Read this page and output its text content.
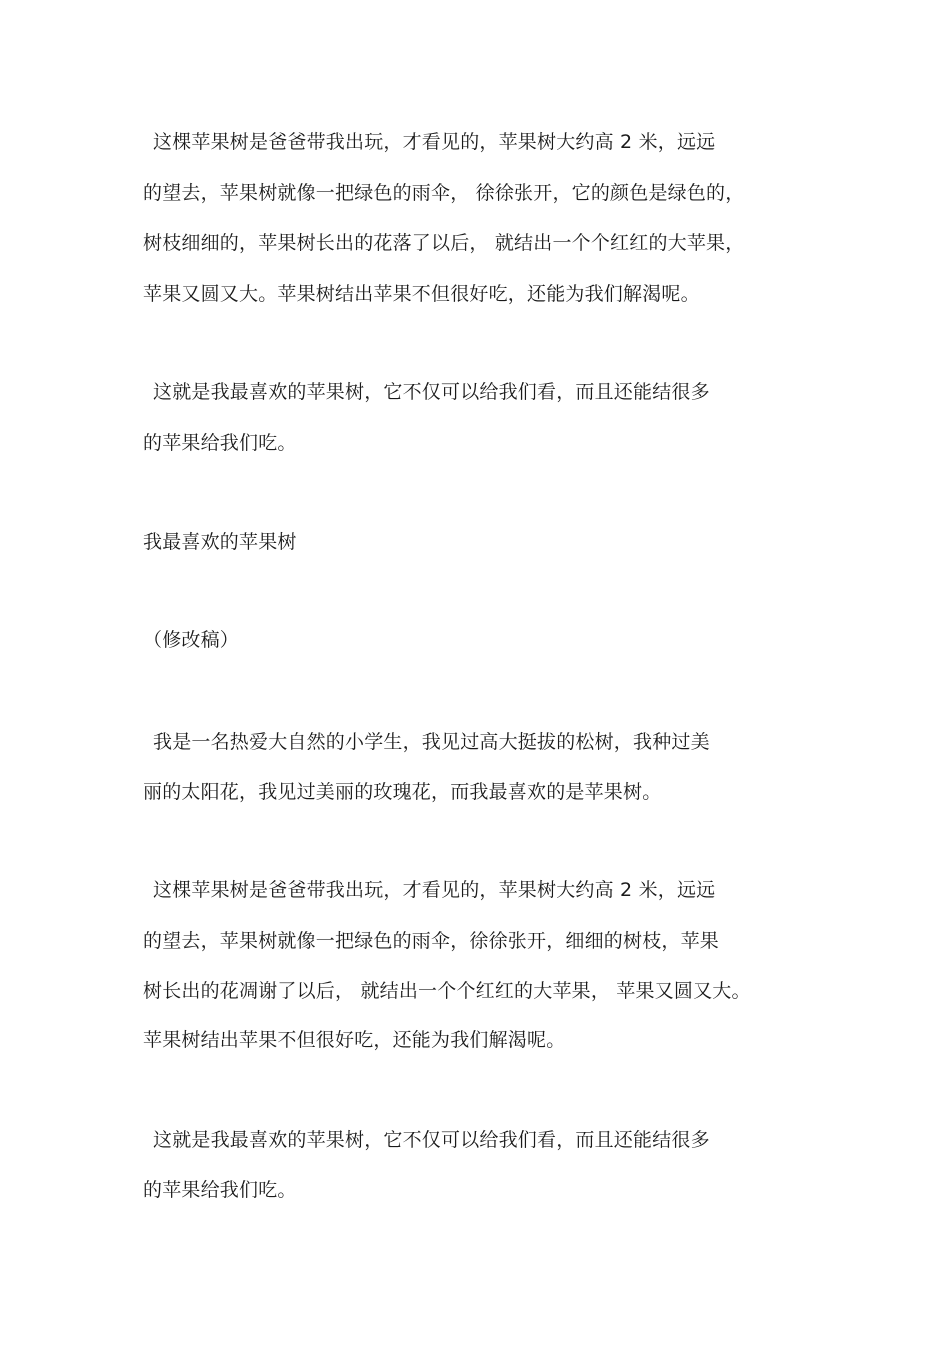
这棵苹果树是爸爸带我出玩，才看见的，苹果树大约高 2 米，远远
的望去，苹果树就像一把绿色的雨伞， 徐徐张开，它的颜色是绿色的，
树枝细细的，苹果树长出的花落了以后， 就结出一个个红红的大苹果，
苹果又圆又大。苹果树结出苹果不但很好吃，还能为我们解渴呢。
这就是我最喜欢的苹果树，它不仅可以给我们看，而且还能结很多
的苹果给我们吃。
我最喜欢的苹果树
（修改稿）
我是一名热爱大自然的小学生，我见过高大挺拔的松树，我种过美
丽的太阳花，我见过美丽的玫瑰花，而我最喜欢的是苹果树。
这棵苹果树是爸爸带我出玩，才看见的，苹果树大约高 2 米，远远
的望去，苹果树就像一把绿色的雨伞，徐徐张开，细细的树枝，苹果
树长出的花凋谢了以后， 就结出一个个红红的大苹果， 苹果又圆又大。
苹果树结出苹果不但很好吃，还能为我们解渴呢。
这就是我最喜欢的苹果树，它不仅可以给我们看，而且还能结很多
的苹果给我们吃。
